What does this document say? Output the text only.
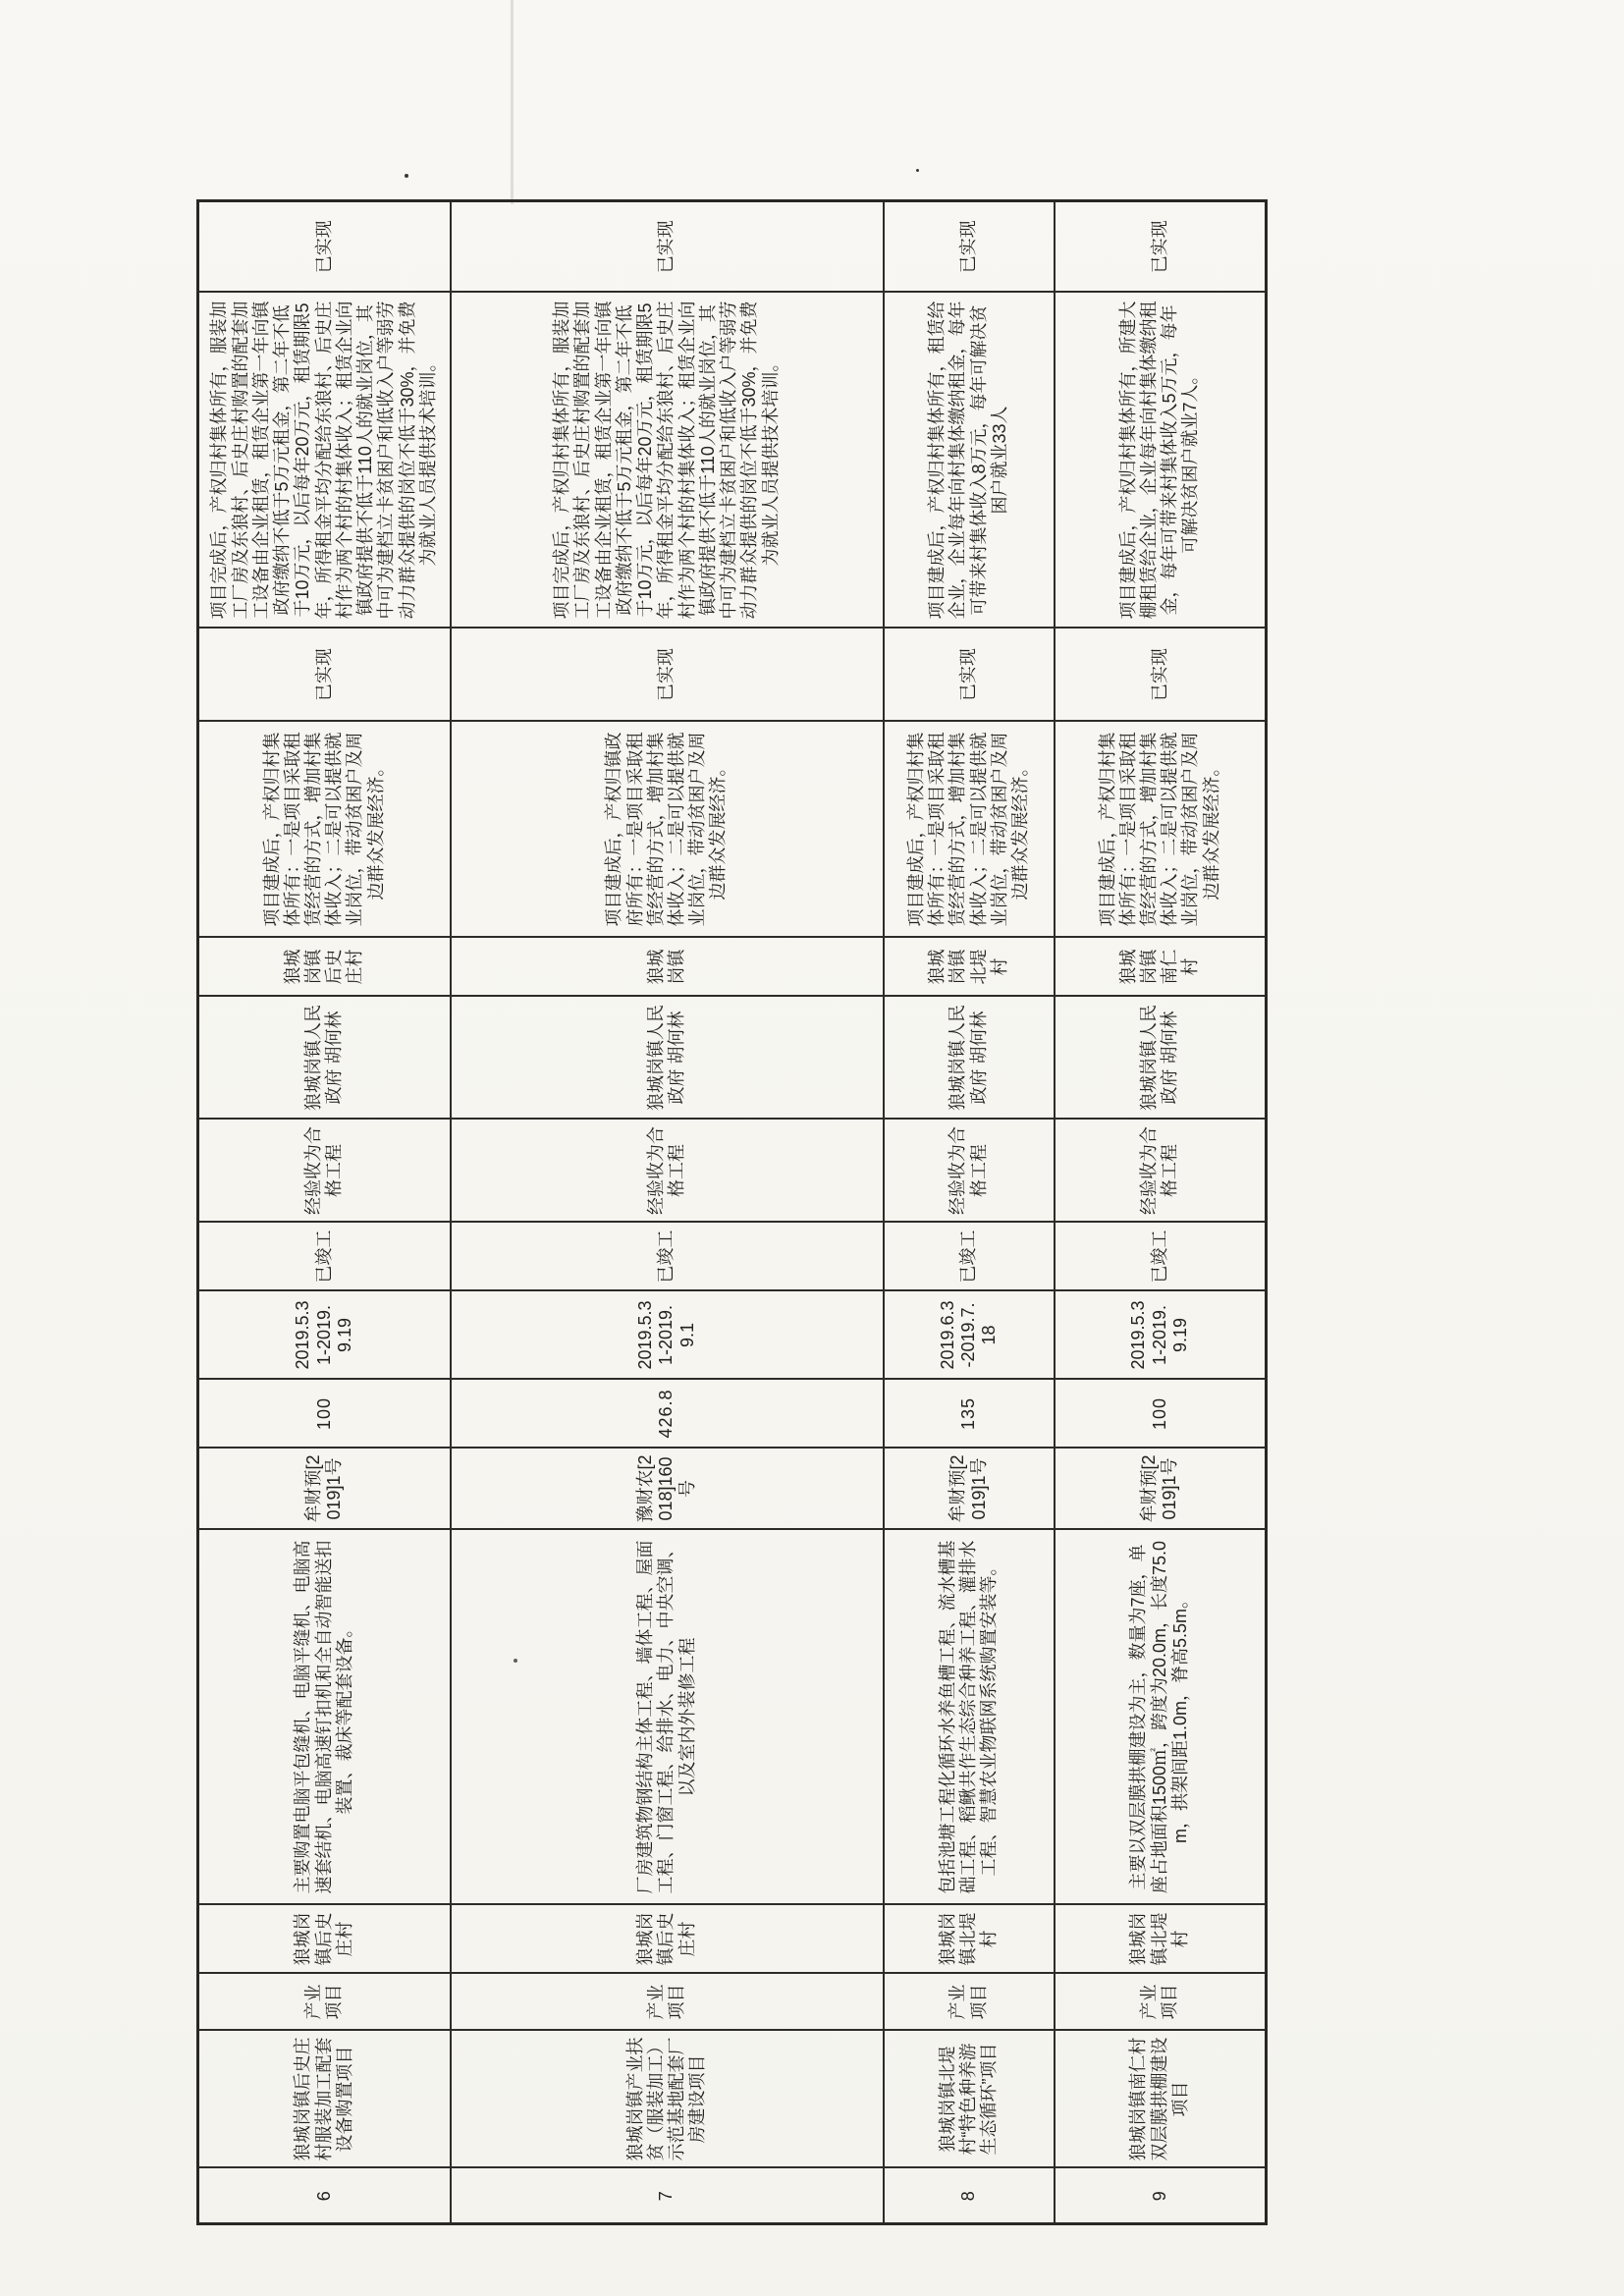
6	狼城岗镇后史庄村服装加工配套设备购置项目	产业项目	狼城岗镇后史庄村	主要购置电脑平包缝机、电脑平缝机、电脑高速套结机、电脑高速钉扣机和全自动智能送扣装置、裁床等配套设备。	牟财预[2019]1号	100	2019.5.31-2019.9.19	已竣工	经验收为合格工程	狼城岗镇人民政府 胡何林	狼城岗镇后史庄村	项目建成后，产权归村集体所有：一是项目采取租赁经营的方式，增加村集体收入；二是可以提供就业岗位，带动贫困户及周边群众发展经济。	已实现	项目完成后，产权归村集体所有，服装加工厂房及东狼村、后史庄村购置的配套加工设备由企业租赁，租赁企业第一年向镇政府缴纳不低于5万元租金，第二年不低于10万元，以后每年20万元，租赁期限5年，所得租金平均分配给东狼村、后史庄村作为两个村的村集体收入；租赁企业向镇政府提供不低于110人的就业岗位，其中可为建档立卡贫困户和低收入户等弱劳动力群众提供的岗位不低于30%，并免费为就业人员提供技术培训。	已实现
7	狼城岗镇产业扶贫（服装加工）示范基地配套厂房建设项目	产业项目	狼城岗镇后史庄村	厂房建筑物钢结构主体工程、墙体工程、屋面工程、门窗工程、给排水、电力、中央空调、以及室内外装修工程	豫财农[2018]160号	426.8	2019.5.31-2019.9.1	已竣工	经验收为合格工程	狼城岗镇人民政府 胡何林	狼城岗镇	项目建成后，产权归镇政府所有：一是项目采取租赁经营的方式，增加村集体收入；二是可以提供就业岗位，带动贫困户及周边群众发展经济。	已实现	项目完成后，产权归村集体所有，服装加工厂房及东狼村、后史庄村购置的配套加工设备由企业租赁，租赁企业第一年向镇政府缴纳不低于5万元租金，第二年不低于10万元，以后每年20万元，租赁期限5年，所得租金平均分配给东狼村、后史庄村作为两个村的村集体收入；租赁企业向镇政府提供不低于110人的就业岗位，其中可为建档立卡贫困户和低收入户等弱劳动力群众提供的岗位不低于30%，并免费为就业人员提供技术培训。	已实现
8	狼城岗镇北堤村“特色种养游生态循环”项目	产业项目	狼城岗镇北堤村	包括池塘工程化循环水养鱼槽工程、流水槽基础工程、稻鳅共作生态综合种养工程、灌排水工程、智慧农业物联网系统购置安装等。	牟财预[2019]1号	135	2019.6.3-2019.7.18	已竣工	经验收为合格工程	狼城岗镇人民政府 胡何林	狼城岗镇北堤村	项目建成后，产权归村集体所有：一是项目采取租赁经营的方式，增加村集体收入；二是可以提供就业岗位，带动贫困户及周边群众发展经济。	已实现	项目建成后，产权归村集体所有，租赁给企业，企业每年向村集体缴纳租金，每年可带来村集体收入8万元，每年可解决贫困户就业33人	已实现
9	狼城岗镇南仁村双层膜拱棚建设项目	产业项目	狼城岗镇北堤村	主要以双层膜拱棚建设为主，数量为7座，单座占地面积1500㎡，跨度为20.0m，长度75.0m，拱架间距1.0m，脊高5.5m。	牟财预[2019]1号	100	2019.5.31-2019.9.19	已竣工	经验收为合格工程	狼城岗镇人民政府 胡何林	狼城岗镇南仁村	项目建成后，产权归村集体所有：一是项目采取租赁经营的方式，增加村集体收入；二是可以提供就业岗位，带动贫困户及周边群众发展经济。	已实现	项目建成后，产权归村集体所有，所建大棚租赁给企业，企业每年向村集体缴纳租金，每年可带来村集体收入5万元，每年可解决贫困户就业7人。	已实现
